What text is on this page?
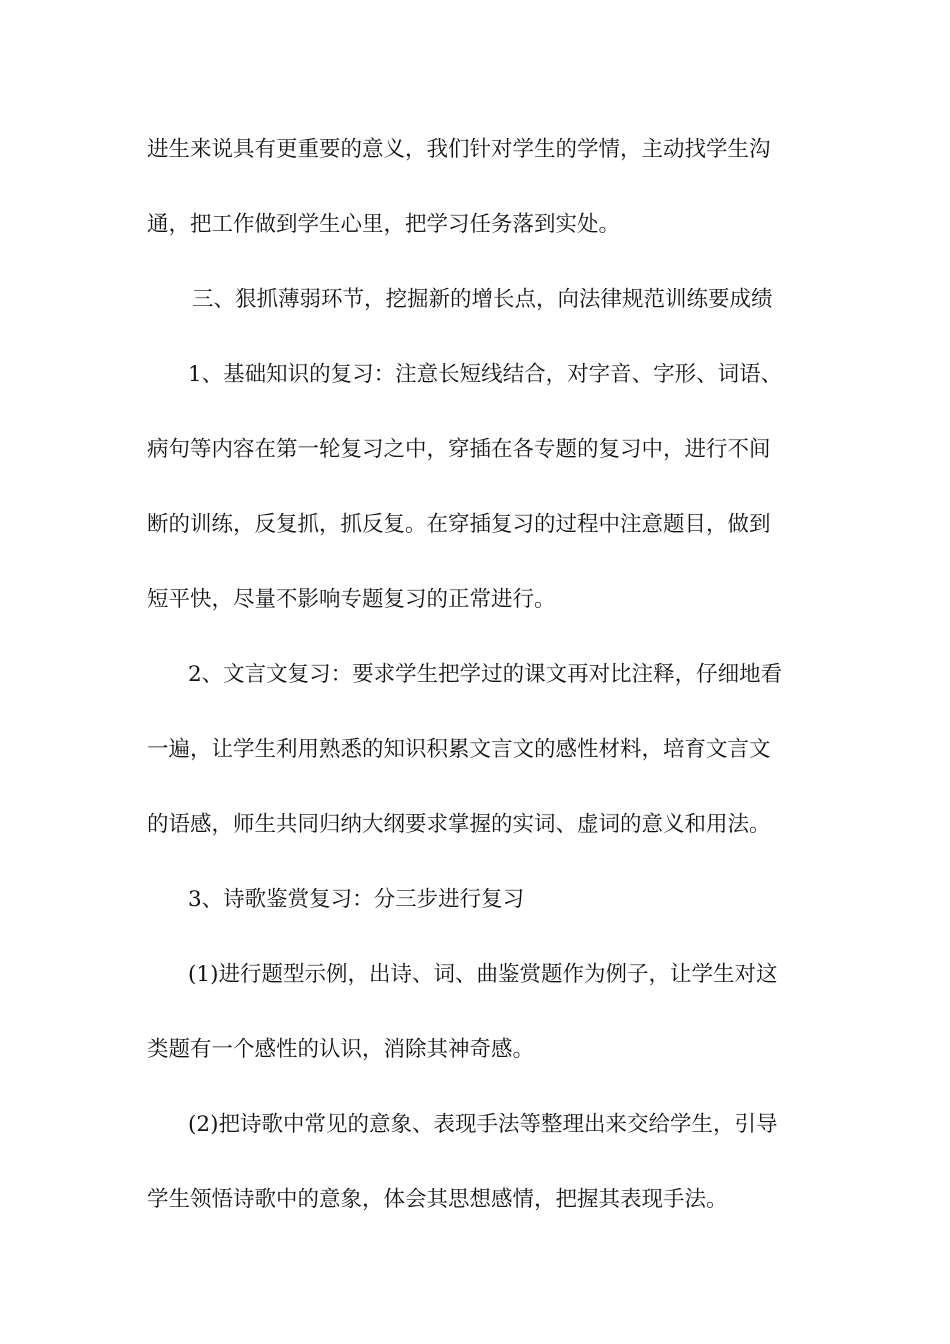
进生来说具有更重要的意义，我们针对学生的学情，主动找学生沟
通，把工作做到学生心里，把学习任务落到实处。
三、狠抓薄弱环节，挖掘新的增长点，向法律规范训练要成绩
1、基础知识的复习：注意长短线结合，对字音、字形、词语、
病句等内容在第一轮复习之中，穿插在各专题的复习中，进行不间
断的训练，反复抓，抓反复。在穿插复习的过程中注意题目，做到
短平快，尽量不影响专题复习的正常进行。
2、文言文复习：要求学生把学过的课文再对比注释，仔细地看
一遍，让学生利用熟悉的知识积累文言文的感性材料，培育文言文
的语感，师生共同归纳大纲要求掌握的实词、虚词的意义和用法。
3、诗歌鉴赏复习：分三步进行复习
(1)进行题型示例，出诗、词、曲鉴赏题作为例子，让学生对这
类题有一个感性的认识，消除其神奇感。
(2)把诗歌中常见的意象、表现手法等整理出来交给学生，引导
学生领悟诗歌中的意象，体会其思想感情，把握其表现手法。
